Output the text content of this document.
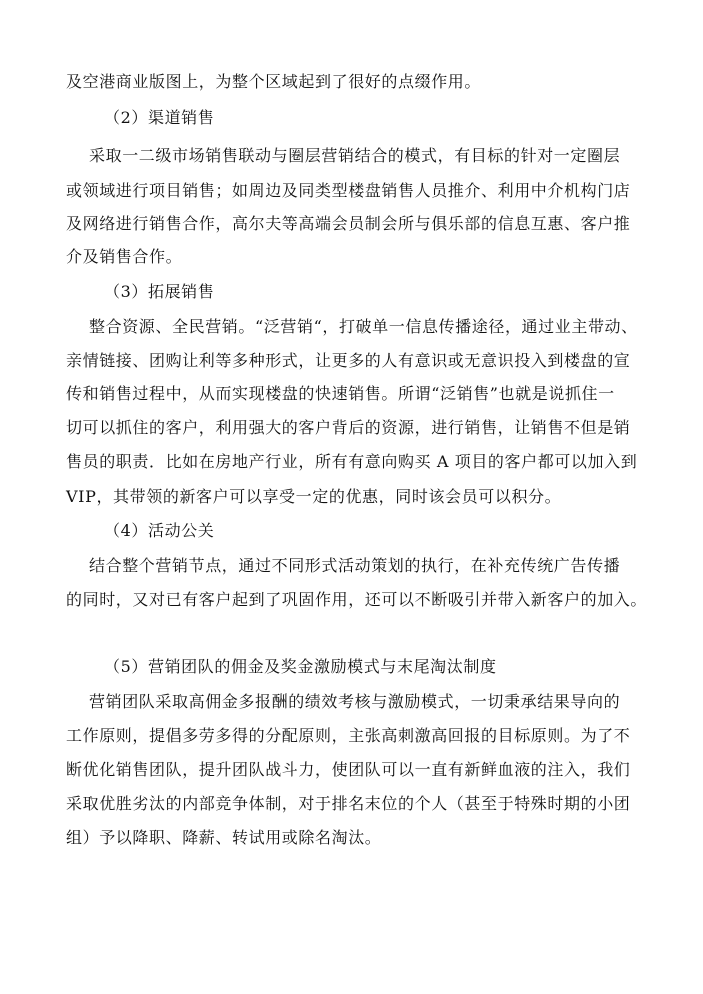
及空港商业版图上，为整个区域起到了很好的点缀作用。
（2）渠道销售
采取一二级市场销售联动与圈层营销结合的模式，有目标的针对一定圈层
或领域进行项目销售；如周边及同类型楼盘销售人员推介、利用中介机构门店
及网络进行销售合作，高尔夫等高端会员制会所与俱乐部的信息互惠、客户推
介及销售合作。
（3）拓展销售
整合资源、全民营销。“泛营销“，打破单一信息传播途径，通过业主带动、
亲情链接、团购让利等多种形式，让更多的人有意识或无意识投入到楼盘的宣
传和销售过程中，从而实现楼盘的快速销售。所谓“泛销售”也就是说抓住一
切可以抓住的客户，利用强大的客户背后的资源，进行销售，让销售不但是销
售员的职责．比如在房地产行业，所有有意向购买 A 项目的客户都可以加入到
VIP，其带领的新客户可以享受一定的优惠，同时该会员可以积分。
（4）活动公关
结合整个营销节点，通过不同形式活动策划的执行，在补充传统广告传播
的同时，又对已有客户起到了巩固作用，还可以不断吸引并带入新客户的加入。
（5）营销团队的佣金及奖金激励模式与末尾淘汰制度
营销团队采取高佣金多报酬的绩效考核与激励模式，一切秉承结果导向的
工作原则，提倡多劳多得的分配原则，主张高刺激高回报的目标原则。为了不
断优化销售团队，提升团队战斗力，使团队可以一直有新鲜血液的注入，我们
采取优胜劣汰的内部竞争体制，对于排名末位的个人（甚至于特殊时期的小团
组）予以降职、降薪、转试用或除名淘汰。
